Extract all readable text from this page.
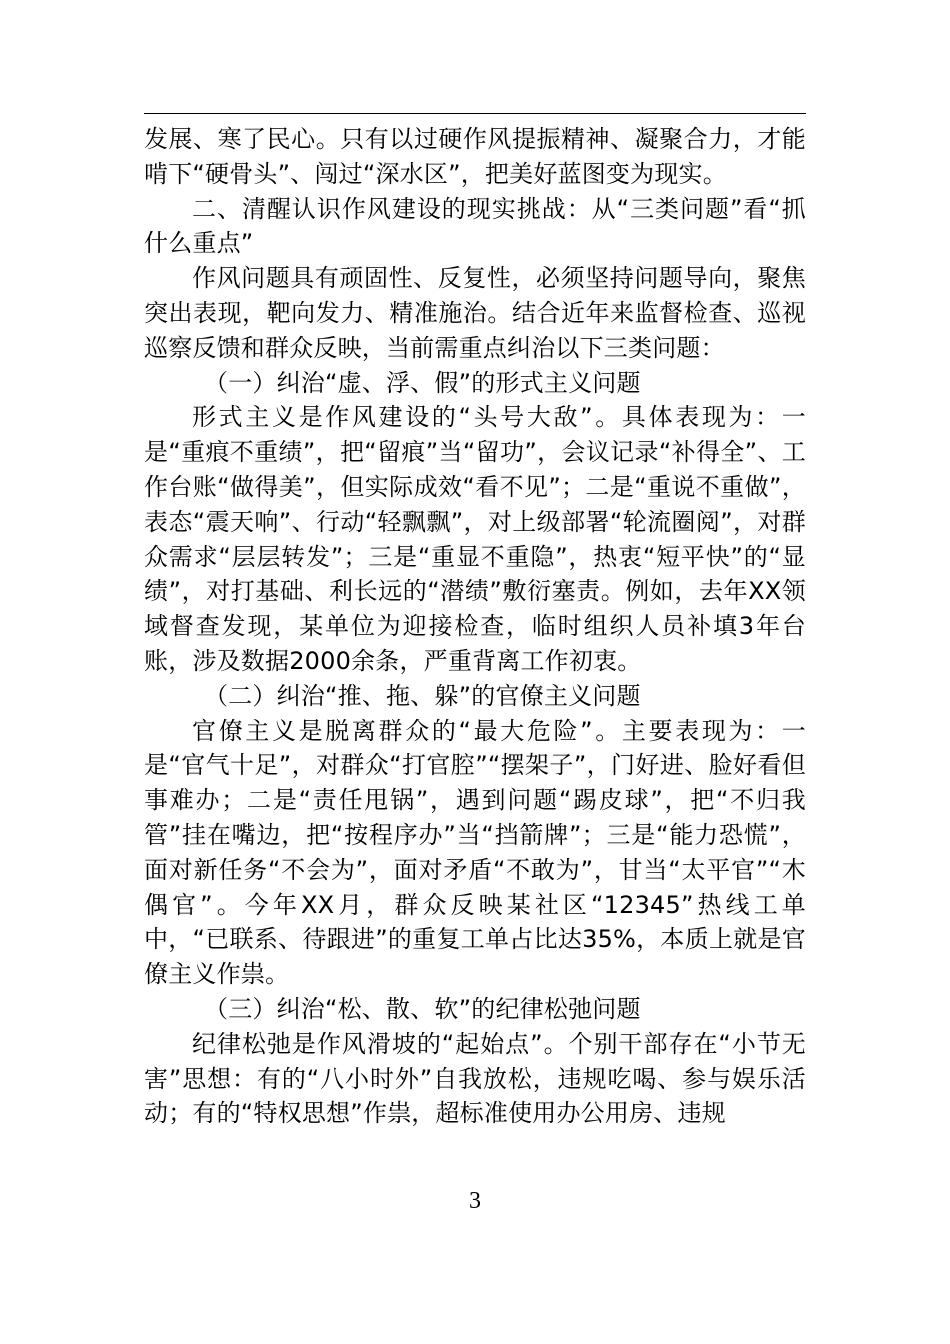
发展、寒了民心。只有以过硬作风提振精神、凝聚合力，才能啃下“硬骨头”、闯过“深水区”，把美好蓝图变为现实。

二、清醒认识作风建设的现实挑战：从“三类问题”看“抓什么重点”

作风问题具有顽固性、反复性，必须坚持问题导向，聚焦突出表现，靶向发力、精准施治。结合近年来监督检查、巡视巡察反馈和群众反映，当前需重点纠治以下三类问题：

（一）纠治“虚、浮、假”的形式主义问题

形式主义是作风建设的“头号大敌”。具体表现为：一是“重痕不重绩”，把“留痕”当“留功”，会议记录“补得全”、工作台账“做得美”，但实际成效“看不见”；二是“重说不重做”，表态“震天响”、行动“轻飘飘”，对上级部署“轮流圈阅”，对群众需求“层层转发”；三是“重显不重隐”，热衷“短平快”的“显绩”，对打基础、利长远的“潜绩”敷衍塞责。例如，去年XX领域督查发现，某单位为迎接检查，临时组织人员补填3年台账，涉及数据2000余条，严重背离工作初衷。

（二）纠治“推、拖、躲”的官僚主义问题

官僚主义是脱离群众的“最大危险”。主要表现为：一是“官气十足”，对群众“打官腔”“摆架子”，门好进、脸好看但事难办；二是“责任甩锅”，遇到问题“踢皮球”，把“不归我管”挂在嘴边，把“按程序办”当“挡箭牌”；三是“能力恐慌”，面对新任务“不会为”，面对矛盾“不敢为”，甘当“太平官”“木偶官”。今年XX月，群众反映某社区“12345”热线工单中，“已联系、待跟进”的重复工单占比达35%，本质上就是官僚主义作祟。

（三）纠治“松、散、软”的纪律松弛问题

纪律松弛是作风滑坡的“起始点”。个别干部存在“小节无害”思想：有的“八小时外”自我放松，违规吃喝、参与娱乐活动；有的“特权思想”作祟，超标准使用办公用房、违规

3
